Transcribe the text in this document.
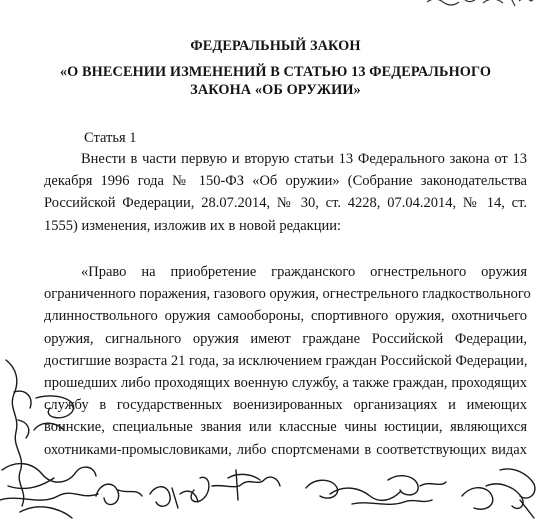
ФЕДЕРАЛЬНЫЙ ЗАКОН
«О ВНЕСЕНИИ ИЗМЕНЕНИЙ В СТАТЬЮ 13 ФЕДЕРАЛЬНОГО
ЗАКОНА «ОБ ОРУЖИИ»
Статья 1
Внести в части первую и вторую статьи 13 Федерального закона от 13
декабря 1996 года № 150-ФЗ «Об оружии» (Собрание законодательства
Российской Федерации, 28.07.2014, № 30, ст. 4228, 07.04.2014, № 14, ст.
1555) изменения, изложив их в новой редакции:
«Право на приобретение гражданского огнестрельного оружия
ограниченного поражения, газового оружия, огнестрельного гладкоствольного
длинноствольного оружия самообороны, спортивного оружия, охотничьего
оружия, сигнального оружия имеют граждане Российской Федерации,
достигшие возраста 21 года, за исключением граждан Российской Федерации,
прошедших либо проходящих военную службу, а также граждан, проходящих
службу в государственных военизированных организациях и имеющих
воинские, специальные звания или классные чины юстиции, являющихся
охотниками-промысловиками, либо спортсменами в соответствующих видах
